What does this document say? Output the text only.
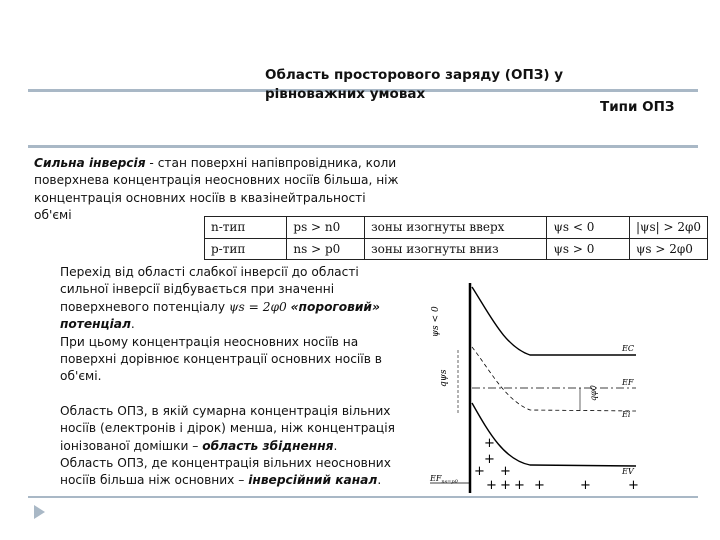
Область просторового заряду (ОПЗ) у рівноважних умовах
Типи ОПЗ
Сильна інверсія - стан поверхні напівпровідника, коли поверхнева концентрація неосновних носіїв більша, ніж концентрація основних носіїв в квазінейтральності об'ємі
n-тип	ps > n0	зоны изогнуты вверх	ψs < 0	|ψs| > 2φ0
p-тип	ns > p0	зоны изогнуты вниз	ψs > 0	ψs > 2φ0
Перехід від області слабкої інверсії до області сильної інверсії відбувається при значенні поверхневого потенціалу ψs = 2φ0 «пороговий» потенціал.
При цьому концентрація неосновних носіїв на поверхні дорівнює концентрації основних носіїв в об'ємі.
Область ОПЗ, в якій сумарна концентрація вільних носіїв (електронів і дірок) менша, ніж концентрація іонізованої домішки – область збіднення.
Область ОПЗ, де концентрація вільних неосновних носіїв більша ніж основних – інверсійний канал.
ψs < 0
qψs
qφ0
EC
EF
Ei
EV
$EF_{ns=p0}$
+
+
+
+
+ + + +	+	+
